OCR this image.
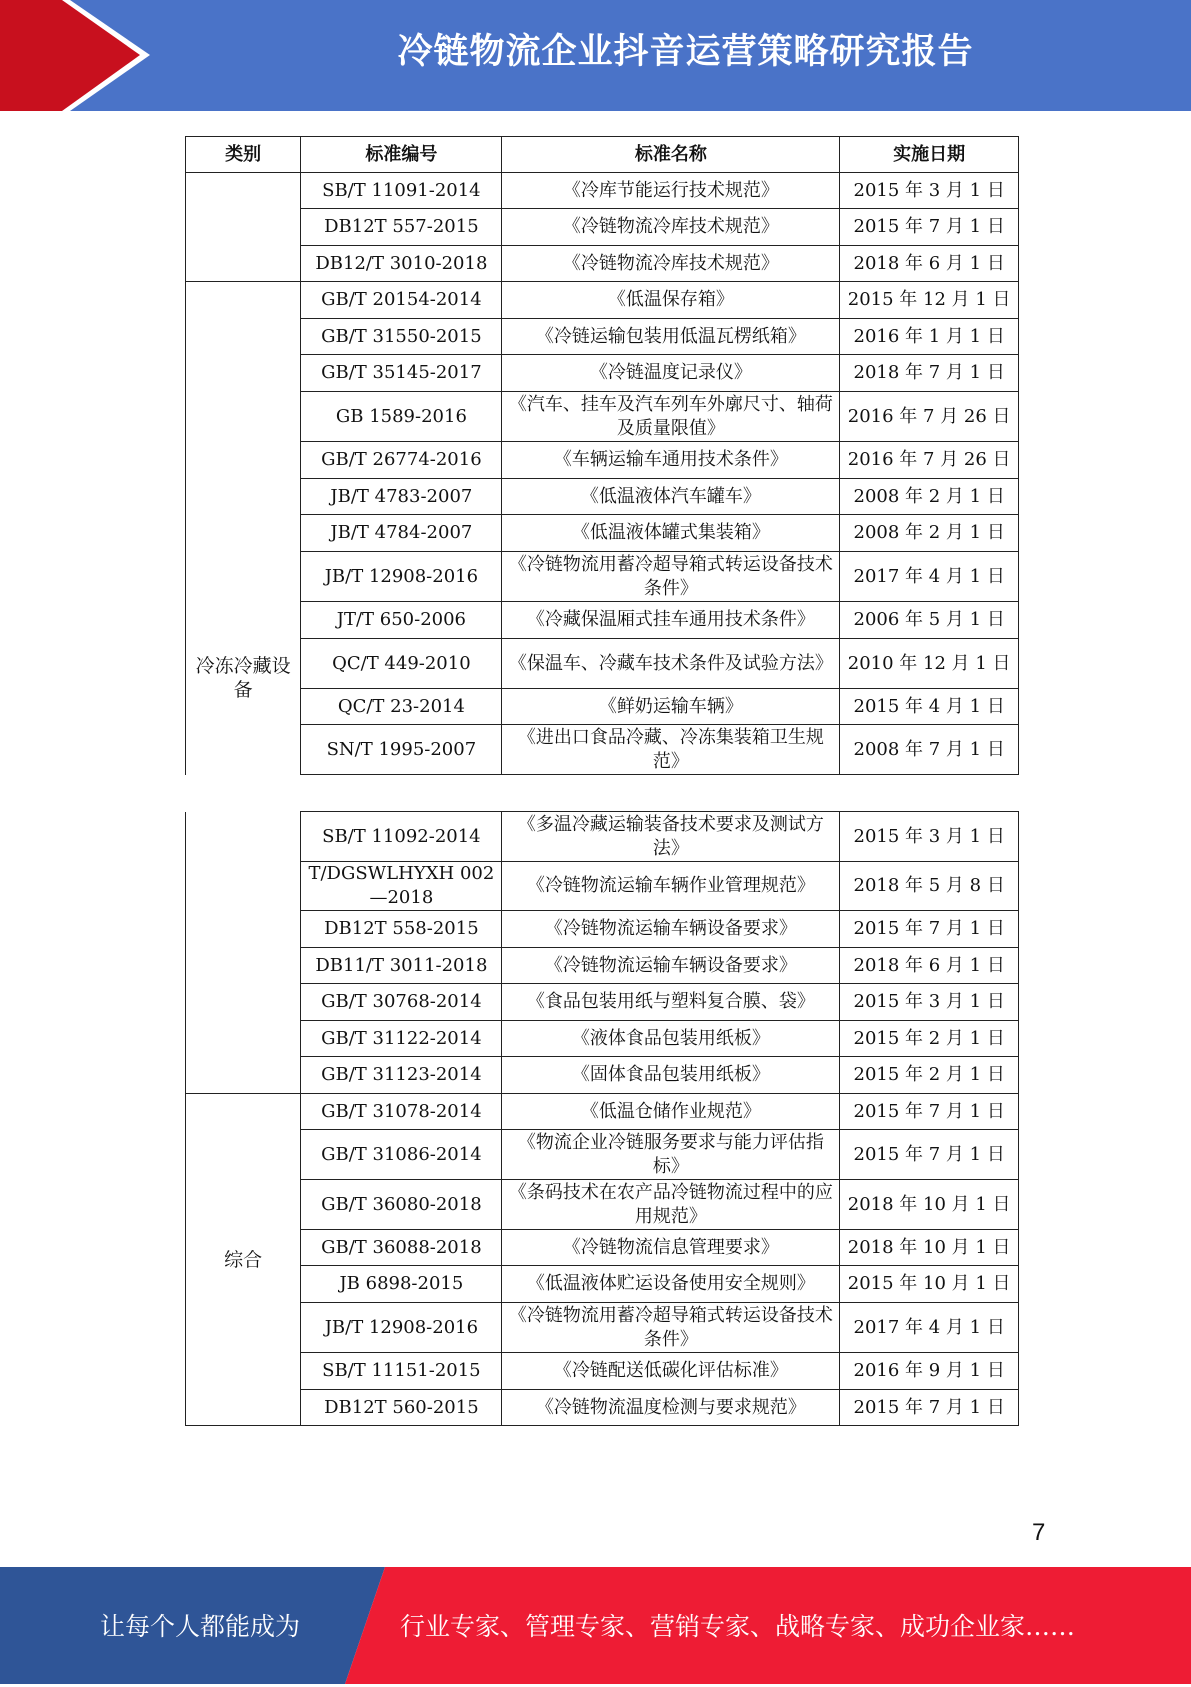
冷链物流企业抖音运营策略研究报告
类别	标准编号	标准名称	实施日期
	SB/T 11091-2014	《冷库节能运行技术规范》	2015 年 3 月 1 日
	DB12T 557-2015	《冷链物流冷库技术规范》	2015 年 7 月 1 日
	DB12/T 3010-2018	《冷链物流冷库技术规范》	2018 年 6 月 1 日

冷冻冷藏设备	GB/T 20154-2014	《低温保存箱》	2015 年 12 月 1 日
	GB/T 31550-2015	《冷链运输包装用低温瓦楞纸箱》	2016 年 1 月 1 日
	GB/T 35145-2017	《冷链温度记录仪》	2018 年 7 月 1 日
	GB 1589-2016	《汽车、挂车及汽车列车外廓尺寸、轴荷及质量限值》	2016 年 7 月 26 日
	GB/T 26774-2016	《车辆运输车通用技术条件》	2016 年 7 月 26 日
	JB/T 4783-2007	《低温液体汽车罐车》	2008 年 2 月 1 日
	JB/T 4784-2007	《低温液体罐式集装箱》	2008 年 2 月 1 日
	JB/T 12908-2016	《冷链物流用蓄冷超导箱式转运设备技术条件》	2017 年 4 月 1 日
	JT/T 650-2006	《冷藏保温厢式挂车通用技术条件》	2006 年 5 月 1 日
	QC/T 449-2010	《保温车、冷藏车技术条件及试验方法》	2010 年 12 月 1 日
	QC/T 23-2014	《鲜奶运输车辆》	2015 年 4 月 1 日
	SN/T 1995-2007	《进出口食品冷藏、冷冻集装箱卫生规范》	2008 年 7 月 1 日
	SB/T 11092-2014	《多温冷藏运输装备技术要求及测试方法》	2015 年 3 月 1 日
	T/DGSWLHYXH 002—2018	《冷链物流运输车辆作业管理规范》	2018 年 5 月 8 日
	DB12T 558-2015	《冷链物流运输车辆设备要求》	2015 年 7 月 1 日
	DB11/T 3011-2018	《冷链物流运输车辆设备要求》	2018 年 6 月 1 日
	GB/T 30768-2014	《食品包装用纸与塑料复合膜、袋》	2015 年 3 月 1 日
	GB/T 31122-2014	《液体食品包装用纸板》	2015 年 2 月 1 日
	GB/T 31123-2014	《固体食品包装用纸板》	2015 年 2 月 1 日

综合	GB/T 31078-2014	《低温仓储作业规范》	2015 年 7 月 1 日
	GB/T 31086-2014	《物流企业冷链服务要求与能力评估指标》	2015 年 7 月 1 日
	GB/T 36080-2018	《条码技术在农产品冷链物流过程中的应用规范》	2018 年 10 月 1 日
	GB/T 36088-2018	《冷链物流信息管理要求》	2018 年 10 月 1 日
	JB 6898-2015	《低温液体贮运设备使用安全规则》	2015 年 10 月 1 日
	JB/T 12908-2016	《冷链物流用蓄冷超导箱式转运设备技术条件》	2017 年 4 月 1 日
	SB/T 11151-2015	《冷链配送低碳化评估标准》	2016 年 9 月 1 日
	DB12T 560-2015	《冷链物流温度检测与要求规范》	2015 年 7 月 1 日
7
让每个人都能成为	行业专家、管理专家、营销专家、战略专家、成功企业家……
